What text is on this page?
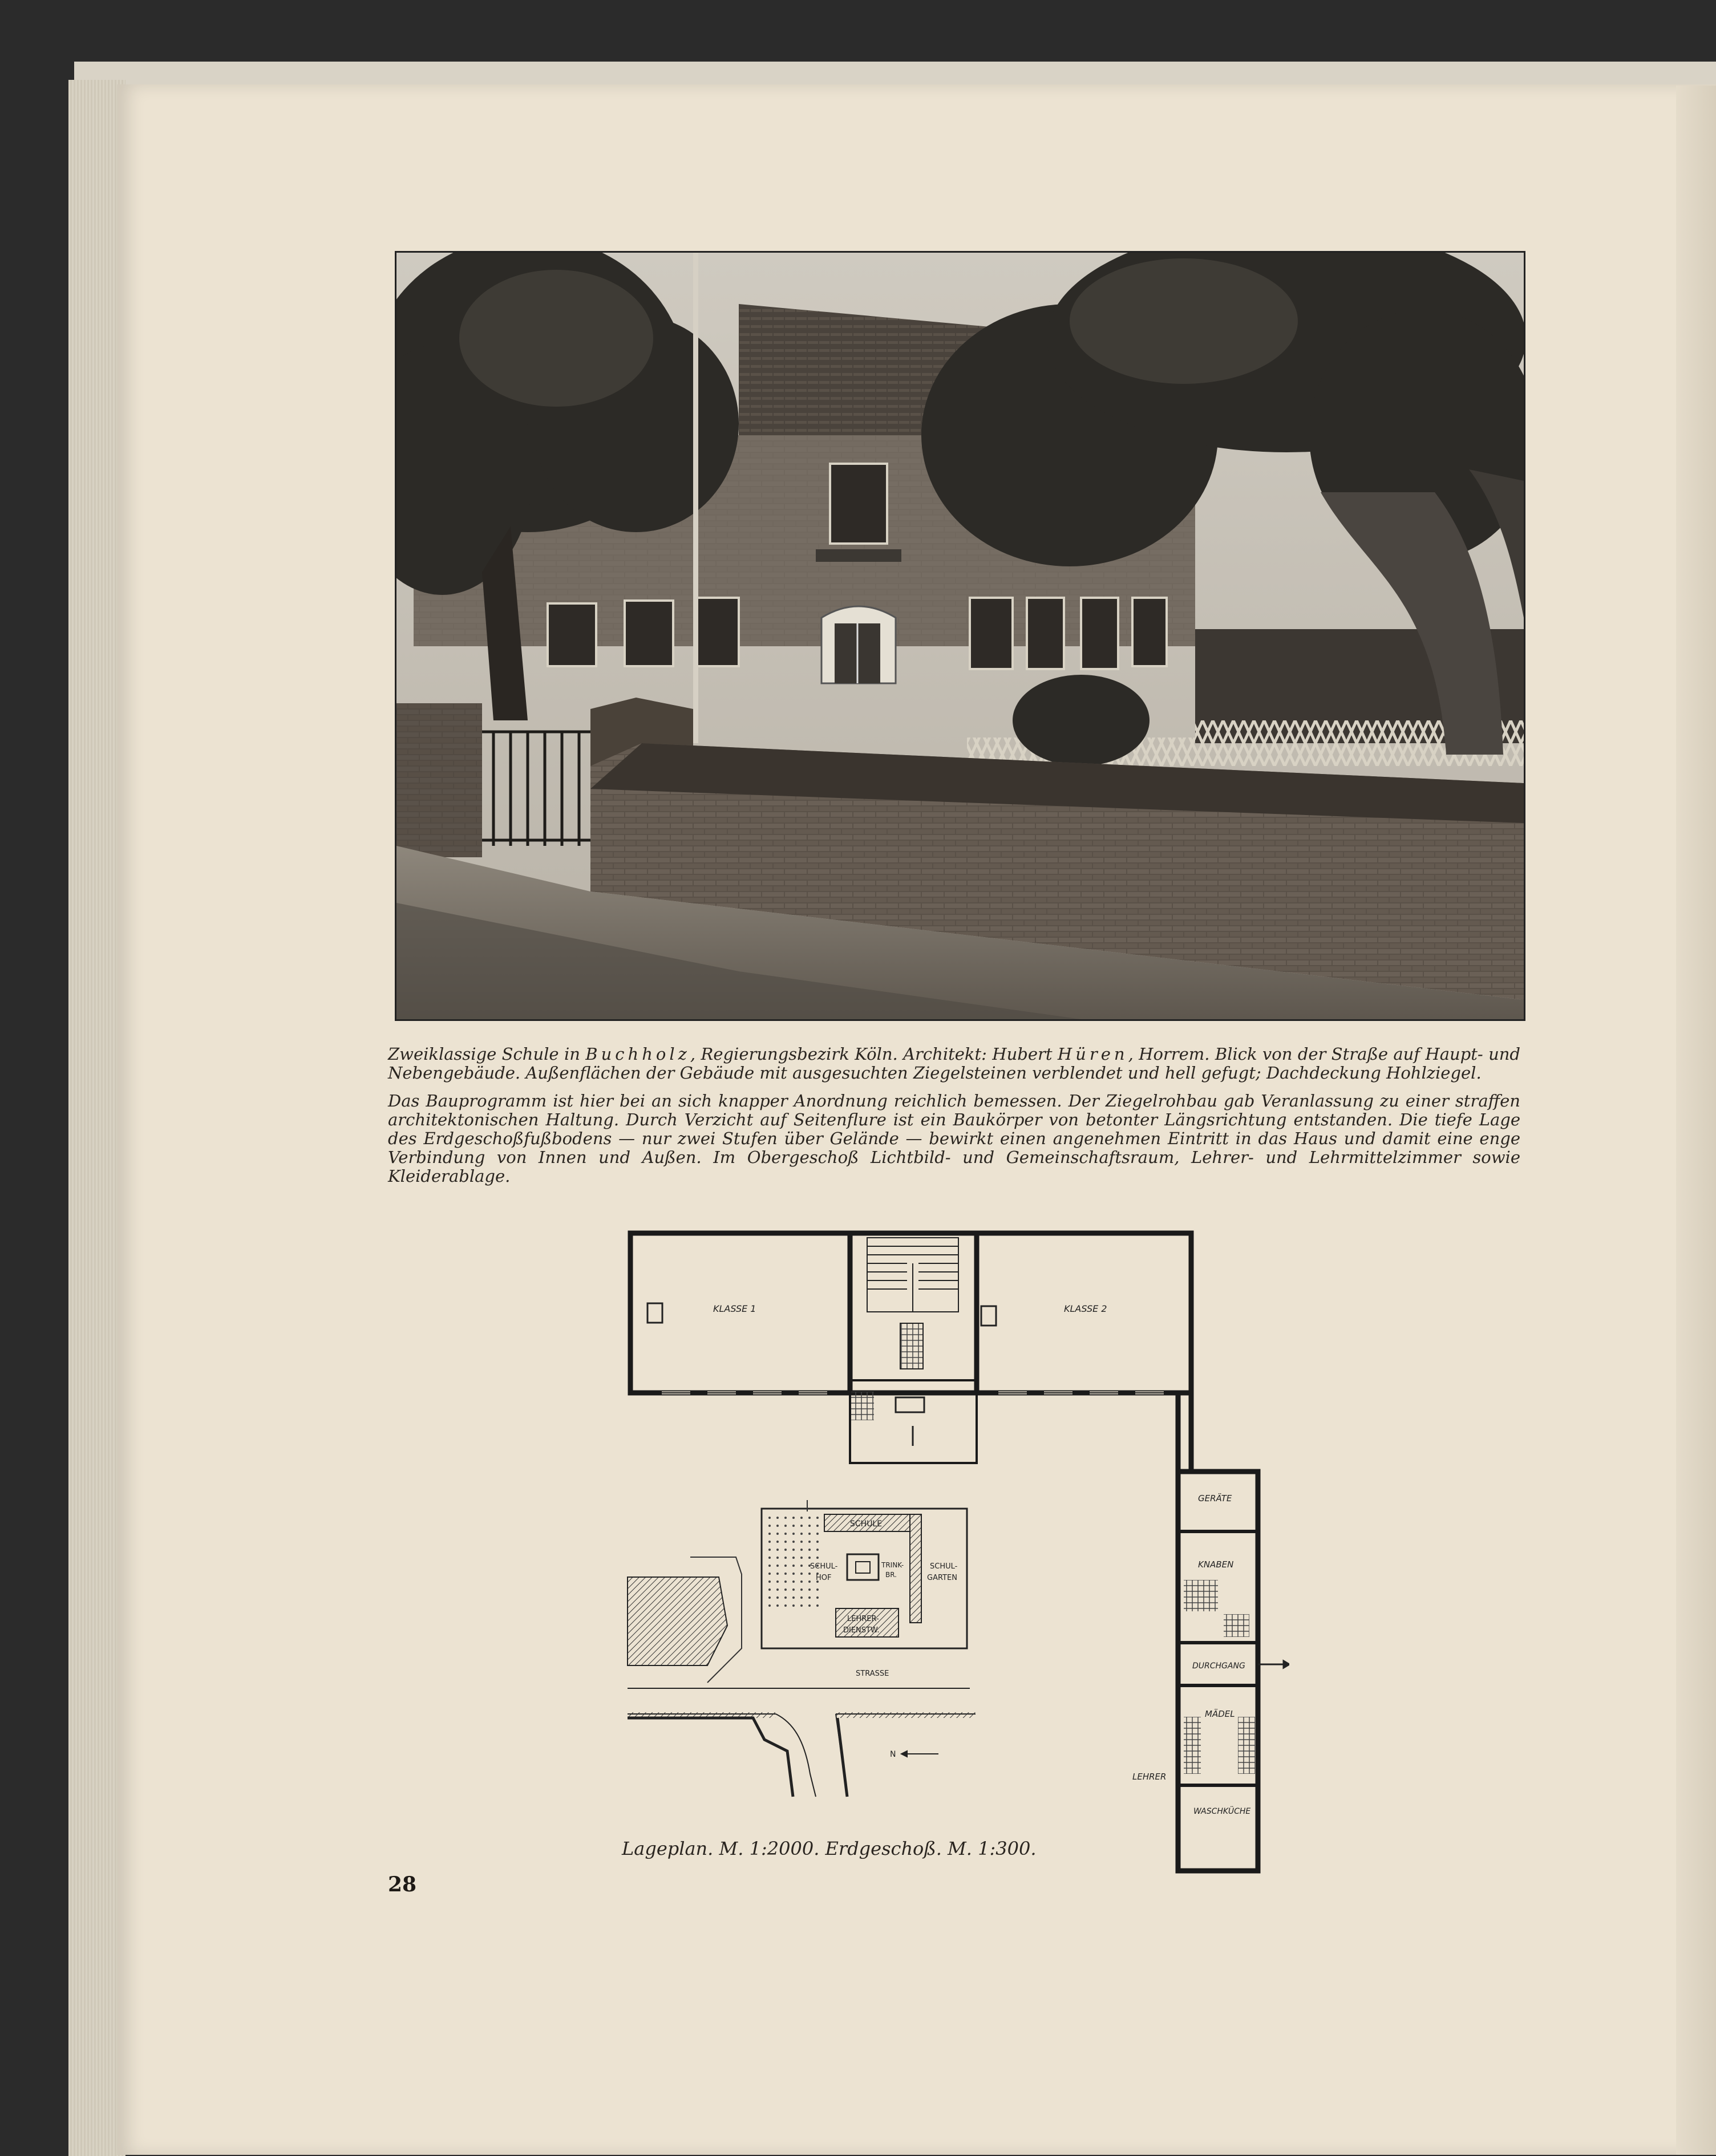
Zweiklassige Schule in Buchholz, Regierungsbezirk Köln. Architekt: Hubert Hüren, Horrem. Blick von der Straße auf Haupt- und Nebengebäude. Außenflächen der Gebäude mit ausgesuchten Ziegelsteinen verblendet und hell gefugt; Dachdeckung Hohlziegel.

Das Bauprogramm ist hier bei an sich knapper Anordnung reichlich bemessen. Der Ziegelrohbau gab Veranlassung zu einer straffen architektonischen Haltung. Durch Verzicht auf Seitenflure ist ein Baukörper von betonter Längsrichtung entstanden. Die tiefe Lage des Erdgeschoßfußbodens — nur zwei Stufen über Gelände — bewirkt einen angenehmen Eintritt in das Haus und damit eine enge Verbindung von Innen und Außen. Im Obergeschoß Lichtbild- und Gemeinschaftsraum, Lehrer- und Lehrmittelzimmer sowie Kleiderablage.

KLASSE 1	KLASSE 2
GERÄTE
KNABEN
DURCHGANG
MÄDEL
LEHRER
WASCHKÜCHE
SCHULE
SCHUL-
HOF
TRINK-
BR.
SCHUL-
GARTEN
LEHRER-
DIENSTW.
STRASSE
N
Lageplan. M. 1:2000. Erdgeschoß. M. 1:300.
28
